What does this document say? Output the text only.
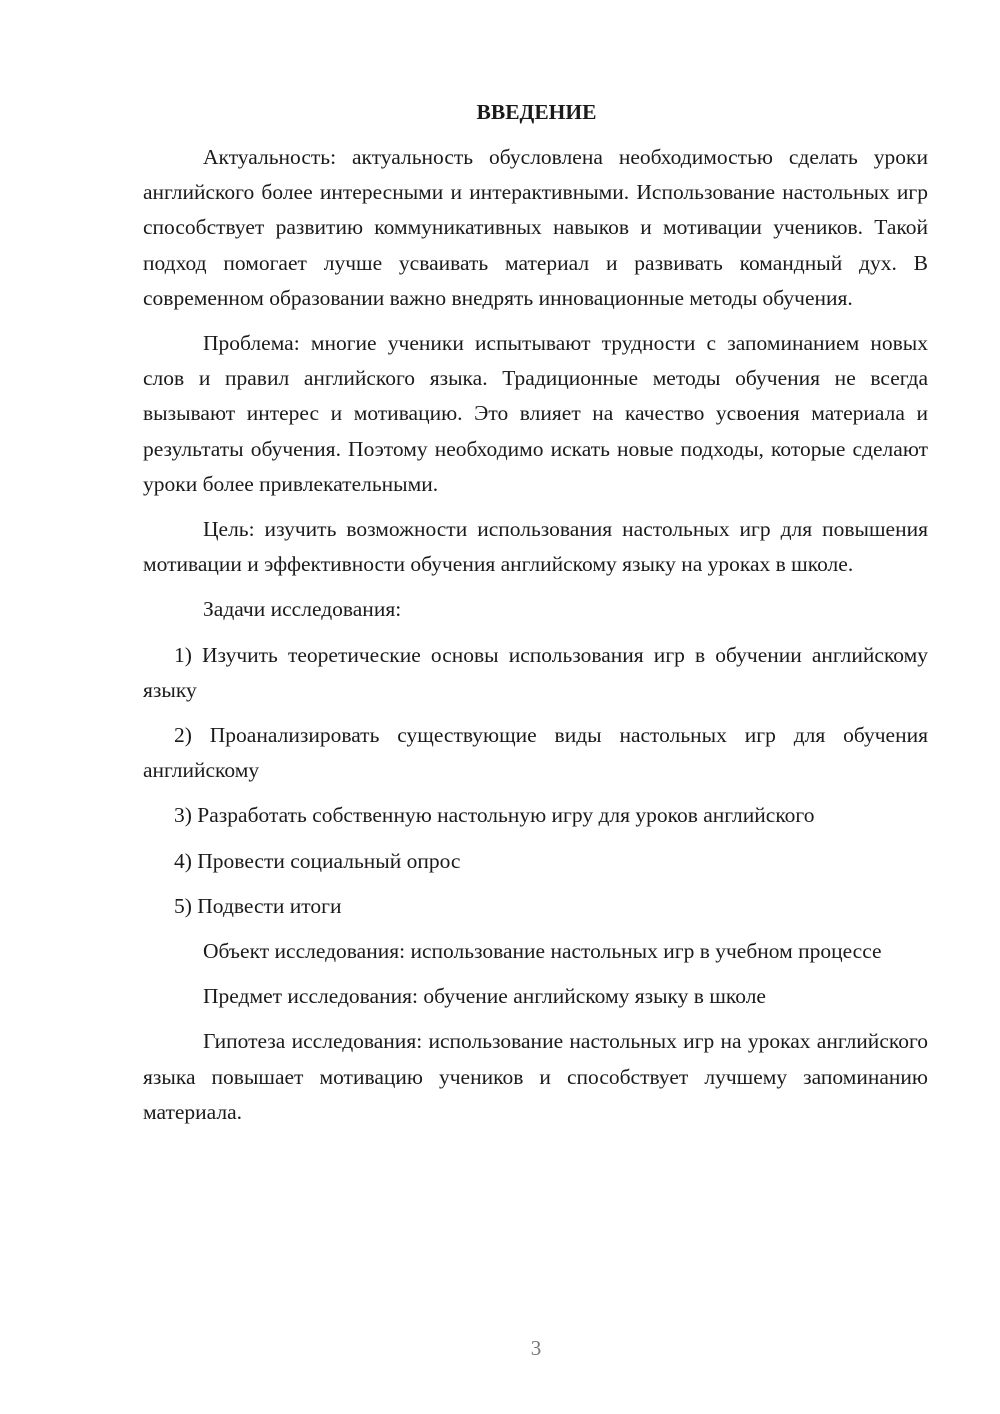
ВВЕДЕНИЕ

Актуальность: актуальность обусловлена необходимостью сделать уроки английского более интересными и интерактивными. Использование настольных игр способствует развитию коммуникативных навыков и мотивации учеников. Такой подход помогает лучше усваивать материал и развивать командный дух. В современном образовании важно внедрять инновационные методы обучения.

Проблема: многие ученики испытывают трудности с запоминанием новых слов и правил английского языка. Традиционные методы обучения не всегда вызывают интерес и мотивацию. Это влияет на качество усвоения материала и результаты обучения. Поэтому необходимо искать новые подходы, которые сделают уроки более привлекательными.

Цель: изучить возможности использования настольных игр для повышения мотивации и эффективности обучения английскому языку на уроках в школе.

Задачи исследования:

1) Изучить теоретические основы использования игр в обучении английскому языку

2) Проанализировать существующие виды настольных игр для обучения английскому

3) Разработать собственную настольную игру для уроков английского

4) Провести социальный опрос

5) Подвести итоги

Объект исследования: использование настольных игр в учебном процессе

Предмет исследования: обучение английскому языку в школе

Гипотеза исследования: использование настольных игр на уроках английского языка повышает мотивацию учеников и способствует лучшему запоминанию материала.

3
